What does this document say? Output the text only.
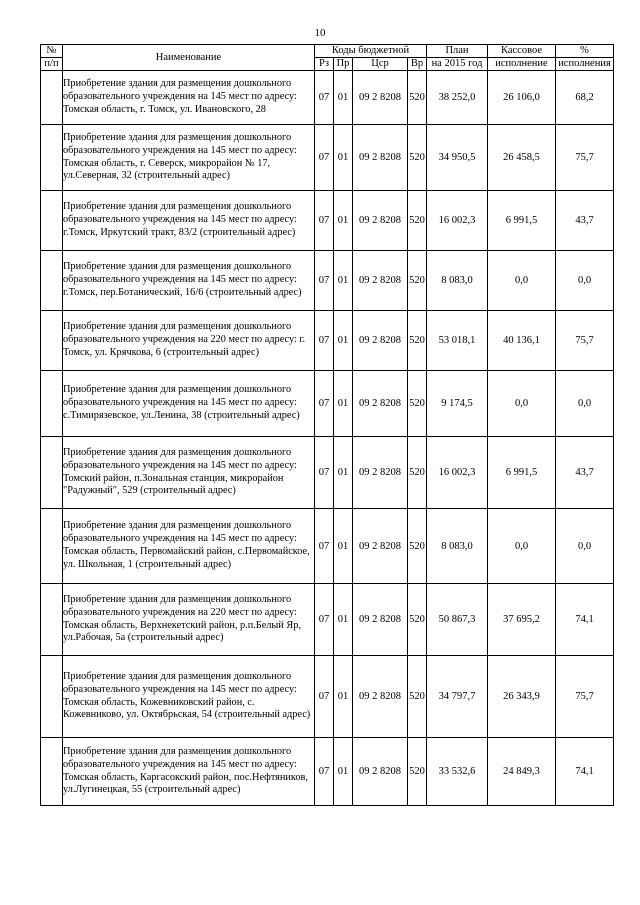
10
№	Наименование	Коды бюджетной				План	Кассовое	%
п/п		Рз	Пр	Цср	Вр	на 2015 год	исполнение	исполнения
	Приобретение здания для размещения дошкольного образовательного учреждения на 145 мест по адресу: Томская область, г. Томск, ул. Ивановского, 28	07	01	09 2 8208	520	38 252,0	26 106,0	68,2
	Приобретение здания для размещения дошкольного образовательного учреждения на 145 мест по адресу: Томская область, г. Северск, микрорайон № 17, ул.Северная, 32 (строительный адрес)	07	01	09 2 8208	520	34 950,5	26 458,5	75,7
	Приобретение здания для размещения дошкольного образовательного учреждения на 145 мест по адресу: г.Томск, Иркутский тракт, 83/2 (строительный адрес)	07	01	09 2 8208	520	16 002,3	6 991,5	43,7
	Приобретение здания для размещения дошкольного образовательного учреждения на 145 мест по адресу: г.Томск, пер.Ботанический, 16/6 (строительный адрес)	07	01	09 2 8208	520	8 083,0	0,0	0,0
	Приобретение здания для размещения дошкольного образовательного учреждения на 220 мест по адресу: г. Томск, ул. Крячкова, 6 (строительный адрес)	07	01	09 2 8208	520	53 018,1	40 136,1	75,7
	Приобретение здания для размещения дошкольного образовательного учреждения на 145 мест по адресу: с.Тимирязевское, ул.Ленина, 38 (строительный адрес)	07	01	09 2 8208	520	9 174,5	0,0	0,0
	Приобретение здания для размещения дошкольного образовательного учреждения на 145 мест по адресу: Томский район, п.Зональная станция, микрорайон "Радужный", 529 (строительный адрес)	07	01	09 2 8208	520	16 002,3	6 991,5	43,7
	Приобретение здания для размещения дошкольного образовательного учреждения на 145 мест по адресу: Томская область, Первомайский район, с.Первомайское, ул. Школьная, 1 (строительный адрес)	07	01	09 2 8208	520	8 083,0	0,0	0,0
	Приобретение здания для размещения дошкольного образовательного учреждения на 220 мест по адресу: Томская область, Верхнекетский район, р.п.Белый Яр, ул.Рабочая, 5а (строительный адрес)	07	01	09 2 8208	520	50 867,3	37 695,2	74,1
	Приобретение здания для размещения дошкольного образовательного учреждения на 145 мест по адресу: Томская область, Кожевниковский район, с. Кожевниково, ул. Октябрьская, 54 (строительный адрес)	07	01	09 2 8208	520	34 797,7	26 343,9	75,7
	Приобретение здания для размещения дошкольного образовательного учреждения на 145 мест по адресу: Томская область, Каргасокский район, пос.Нефтяников, ул.Лугинецкая, 55 (строительный адрес)	07	01	09 2 8208	520	33 532,6	24 849,3	74,1
